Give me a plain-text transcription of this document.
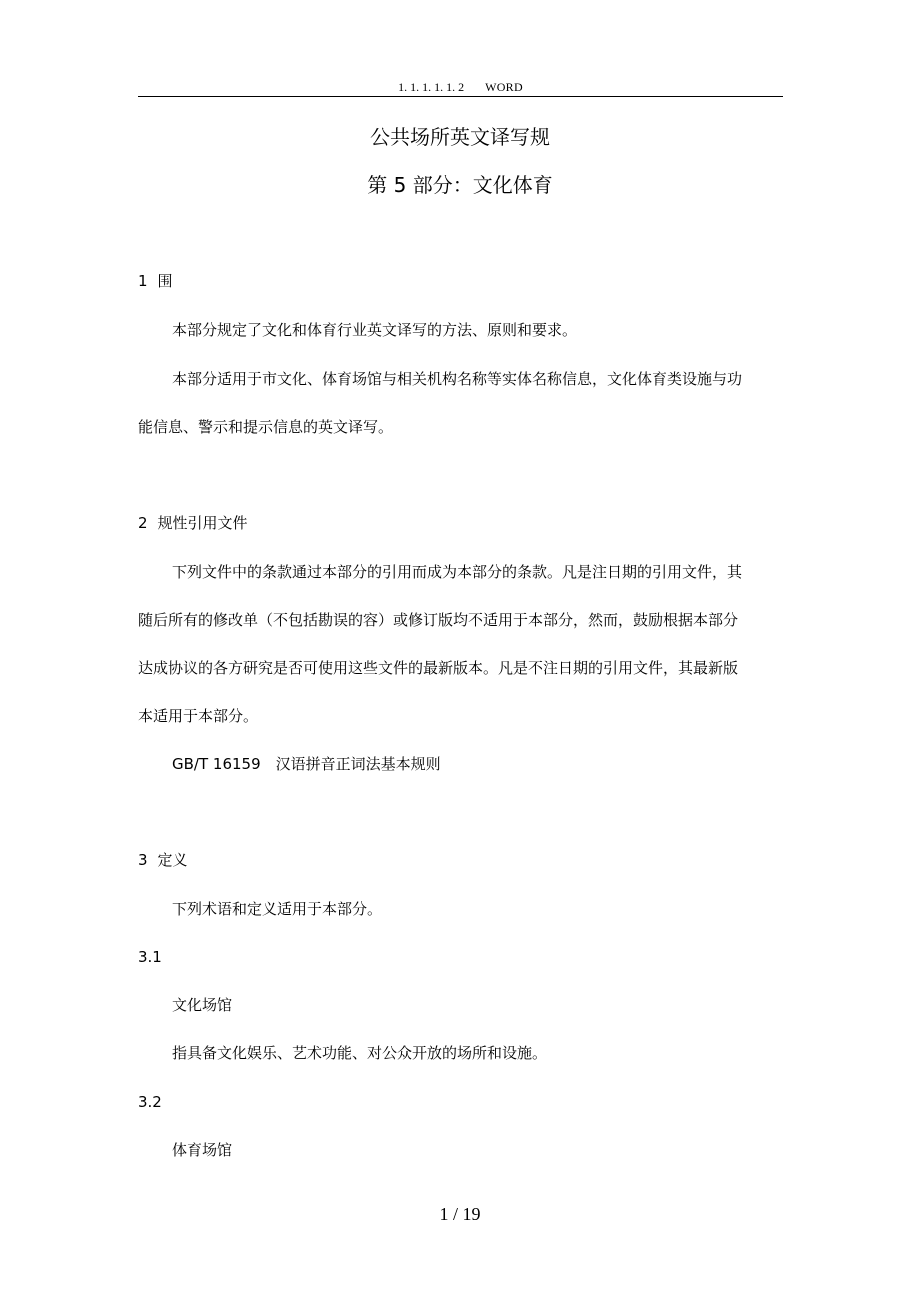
1. 1. 1. 1. 1. 2 WORD
公共场所英文译写规
第 5 部分：文化体育
1 围
本部分规定了文化和体育行业英文译写的方法、原则和要求。
本部分适用于市文化、体育场馆与相关机构名称等实体名称信息，文化体育类设施与功
能信息、警示和提示信息的英文译写。
2 规性引用文件
下列文件中的条款通过本部分的引用而成为本部分的条款。凡是注日期的引用文件，其
随后所有的修改单（不包括勘误的容）或修订版均不适用于本部分，然而，鼓励根据本部分
达成协议的各方研究是否可使用这些文件的最新版本。凡是不注日期的引用文件，其最新版
本适用于本部分。
GB/T 16159　汉语拼音正词法基本规则
3 定义
下列术语和定义适用于本部分。
3.1
文化场馆
指具备文化娱乐、艺术功能、对公众开放的场所和设施。
3.2
体育场馆
1 / 19
